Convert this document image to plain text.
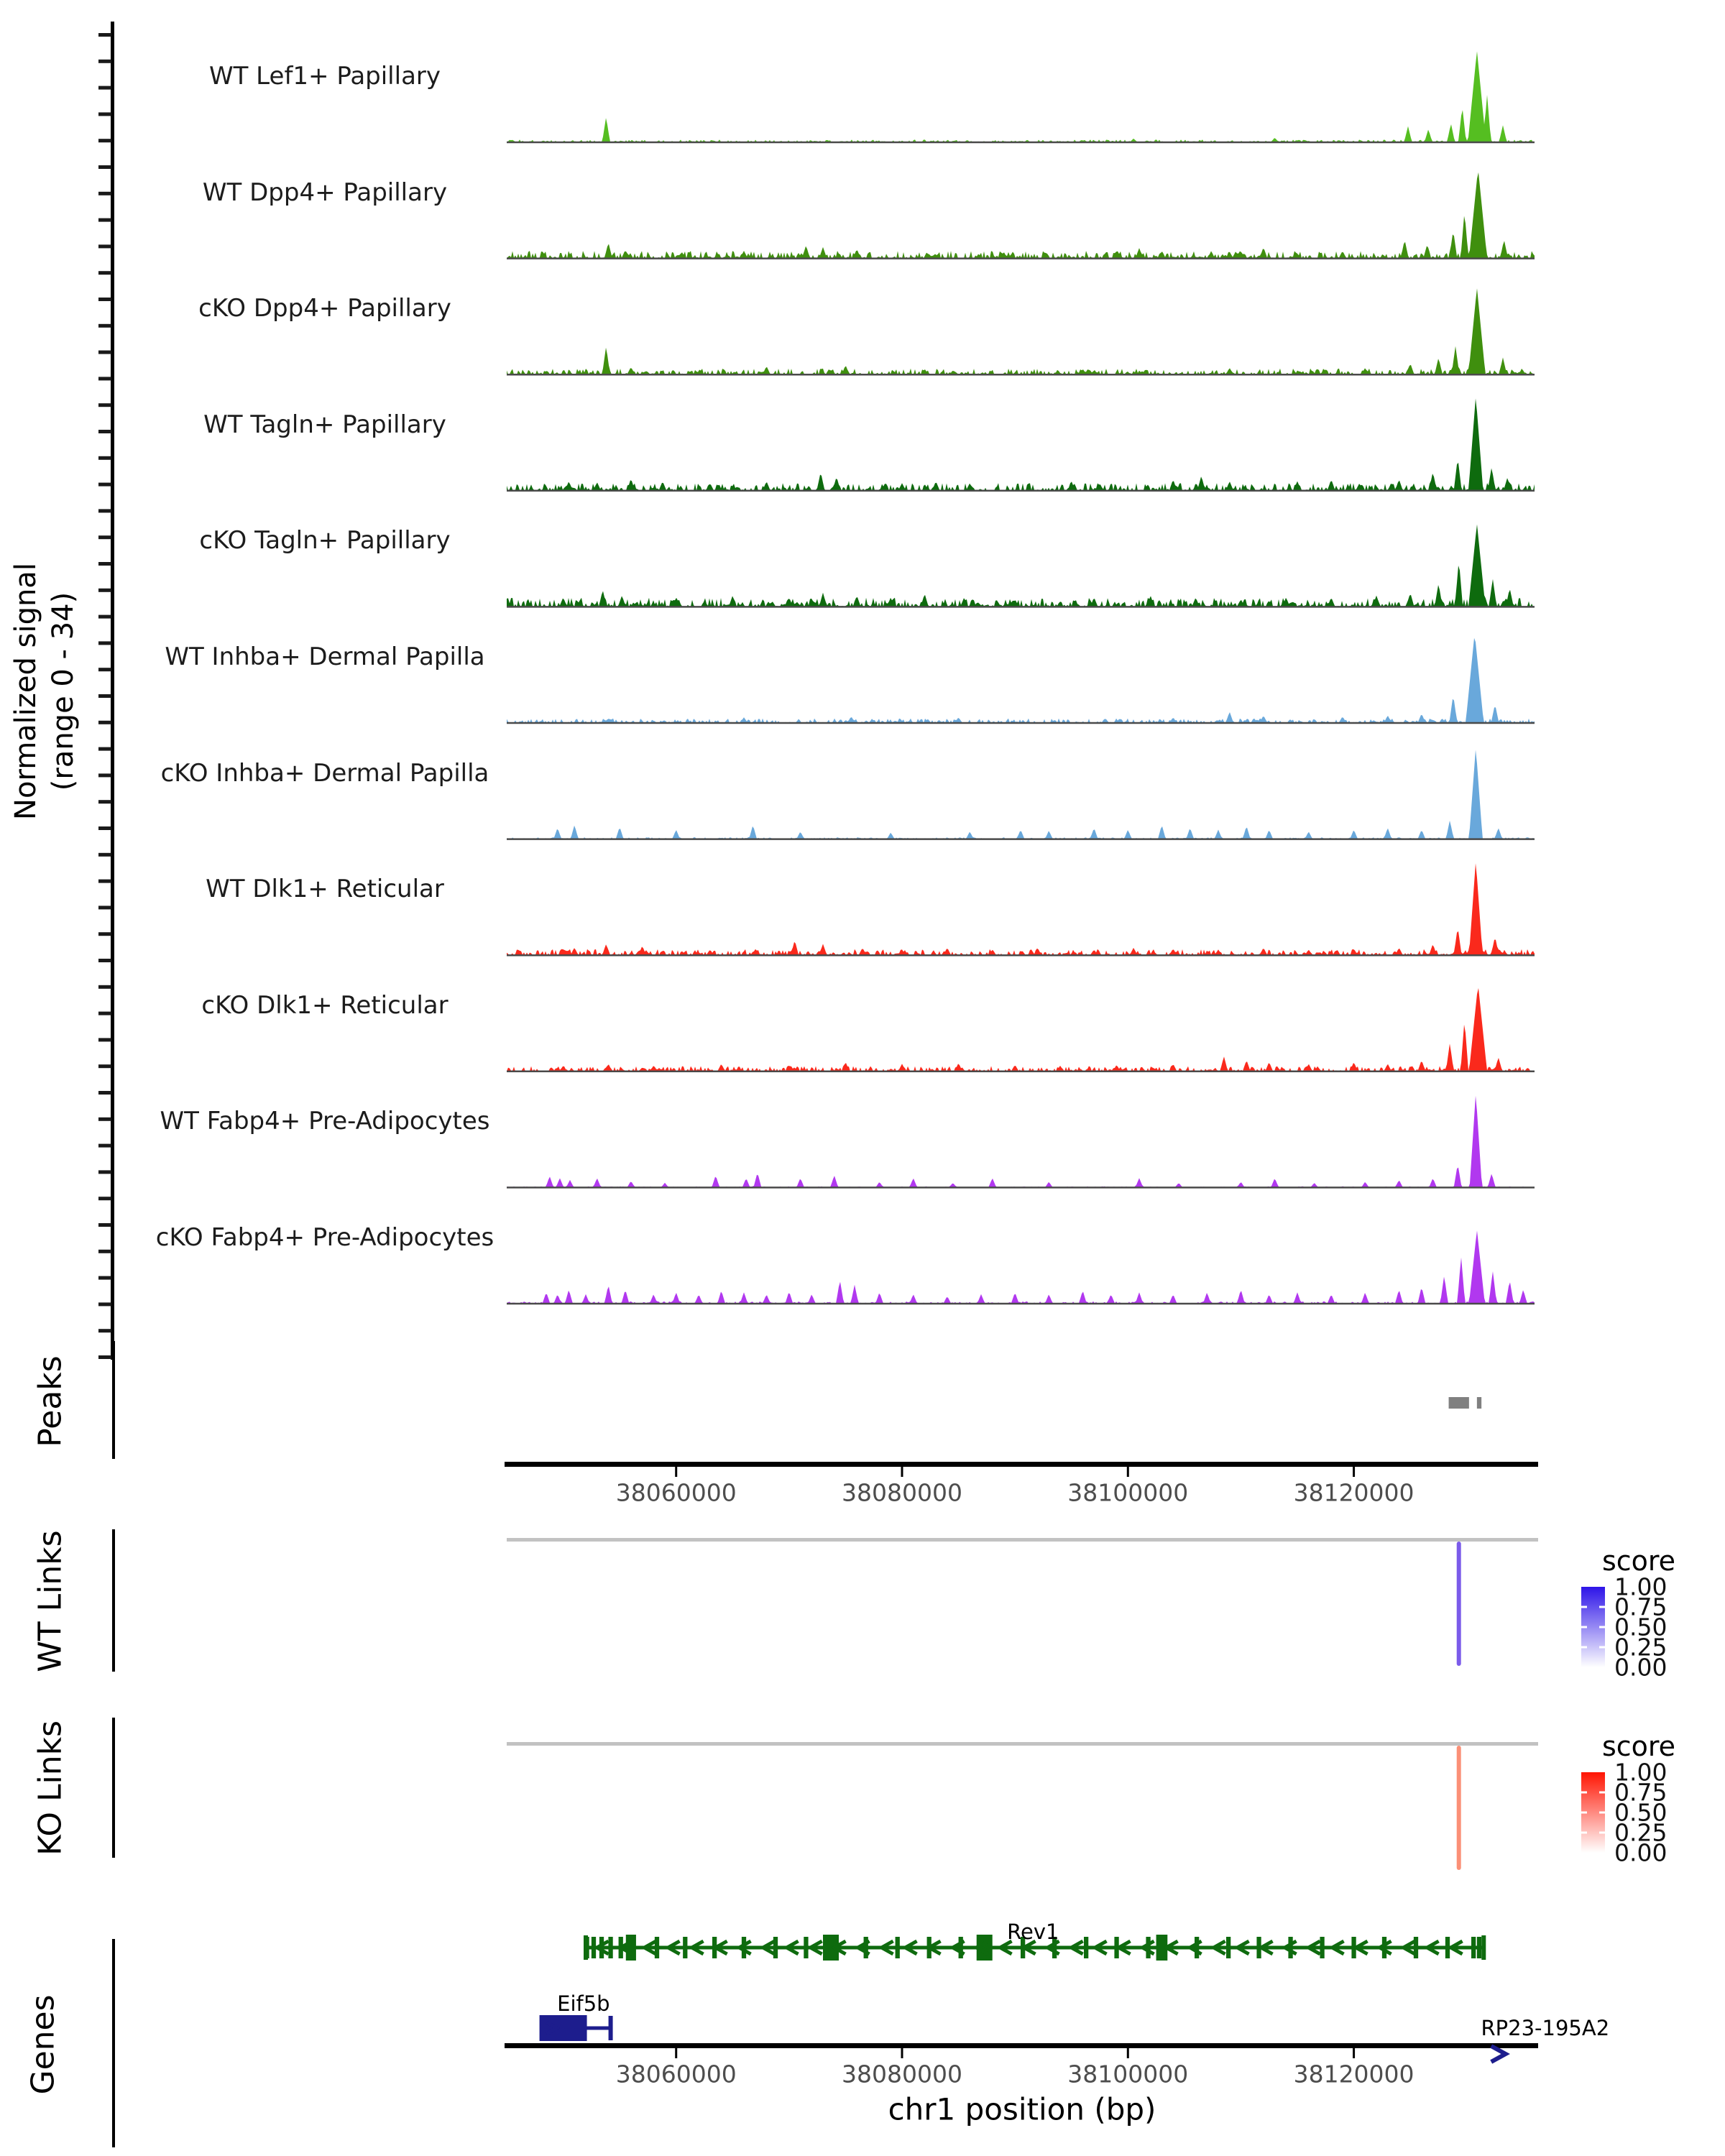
Normalized signal (range 0 - 34)
Peaks
WT Links
KO Links
Genes
score
score
chr1 position (bp)
WT Lef1+ Papillary
WT Dpp4+ Papillary
cKO Dpp4+ Papillary
WT Tagln+ Papillary
cKO Tagln+ Papillary
WT Inhba+ Dermal Papilla
cKO Inhba+ Dermal Papilla
WT Dlk1+ Reticular
cKO Dlk1+ Reticular
WT Fabp4+ Pre-Adipocytes
cKO Fabp4+ Pre-Adipocytes
38060000	38080000	38100000	38120000
38060000	38080000	38100000	38120000
1.00
0.75
0.50
0.25
0.00
1.00
0.75
0.50
0.25
0.00
Rev1
Eif5b
RP23-195A2
